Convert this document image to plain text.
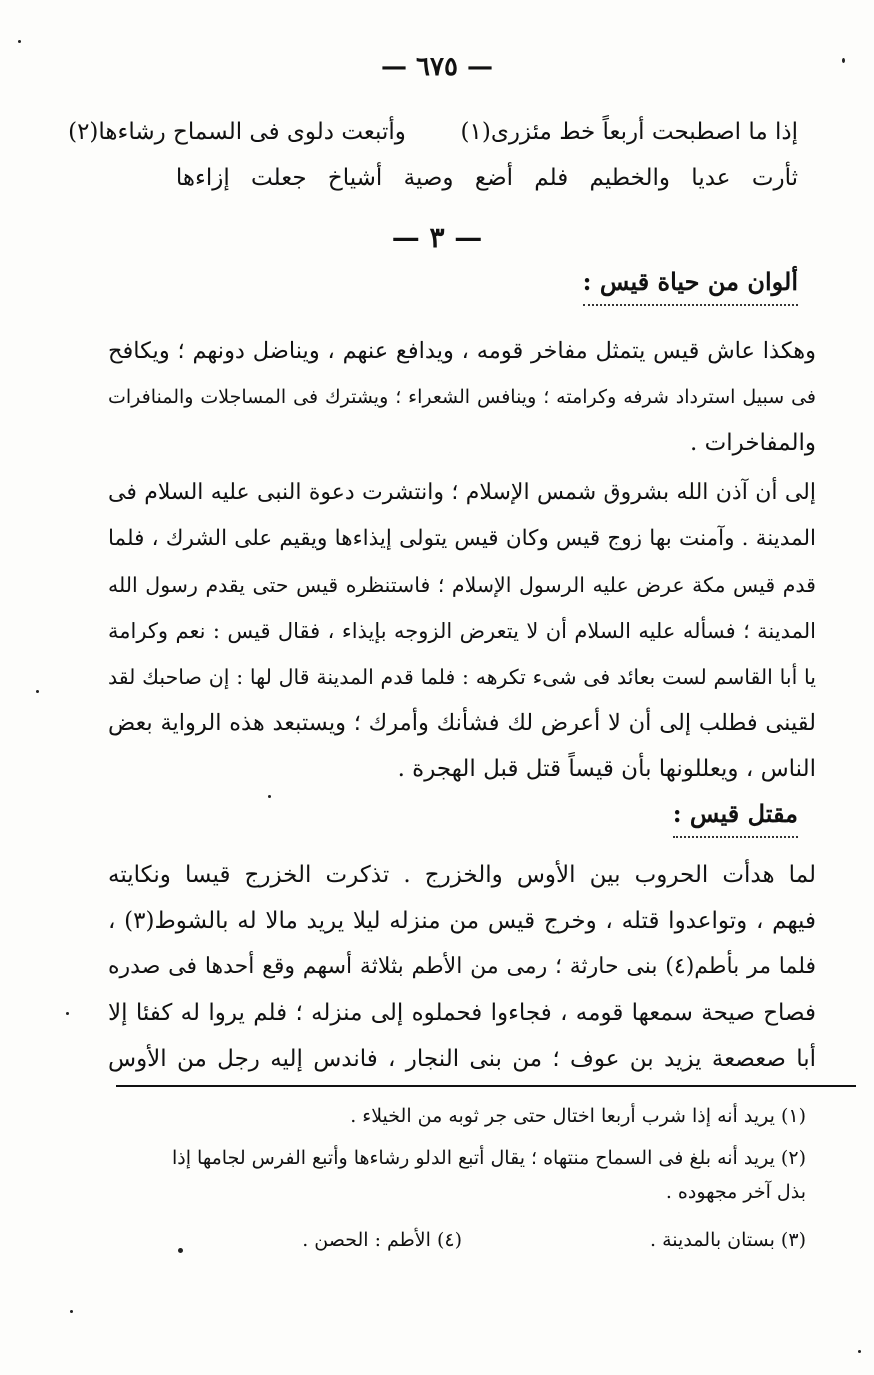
— ٦٧٥ —
إذا ما اصطبحت أربعاً خط مئزرى(١)  وأتبعت دلوى فى السماح رشاءها(٢)
ثأرت عديا والخطيم فلم أضع وصية أشياخ جعلت إزاءها
— ٣ —
ألوان من حياة قيس :
وهكذا عاش قيس يتمثل مفاخر قومه ، ويدافع عنهم ، ويناضل دونهم ؛ ويكافح
فى سبيل استرداد شرفه وكرامته ؛ وينافس الشعراء ؛ ويشترك فى المساجلات والمنافرات
والمفاخرات .
إلى أن آذن الله بشروق شمس الإسلام ؛ وانتشرت دعوة النبى عليه السلام فى
المدينة . وآمنت بها زوج قيس وكان قيس يتولى إيذاءها ويقيم على الشرك ، فلما
قدم قيس مكة عرض عليه الرسول الإسلام ؛ فاستنظره قيس حتى يقدم رسول الله
المدينة ؛ فسأله عليه السلام أن لا يتعرض الزوجه بإيذاء ، فقال قيس : نعم وكرامة
يا أبا القاسم لست بعائد فى شىء تكرهه : فلما قدم المدينة قال لها : إن صاحبك لقد
لقينى فطلب إلى أن لا أعرض لك فشأنك وأمرك ؛ ويستبعد هذه الرواية بعض
الناس ، ويعللونها بأن قيساً قتل قبل الهجرة .
مقتل قيس :
لما هدأت الحروب بين الأوس والخزرج . تذكرت الخزرج قيسا ونكايته
فيهم ، وتواعدوا قتله ، وخرج قيس من منزله ليلا يريد مالا له بالشوط(٣) ،
فلما مر بأطم(٤) بنى حارثة ؛ رمى من الأطم بثلاثة أسهم وقع أحدها فى صدره
فصاح صيحة سمعها قومه ، فجاءوا فحملوه إلى منزله ؛ فلم يروا له كفئا إلا
أبا صعصعة يزيد بن عوف ؛ من بنى النجار ، فاندس إليه رجل من الأوس
(١) يريد أنه إذا شرب أربعا اختال حتى جر ثوبه من الخيلاء .
(٢) يريد أنه بلغ فى السماح منتهاه ؛ يقال أتبع الدلو رشاءها وأتبع الفرس لجامها إذا
بذل آخر مجهوده .
(٣) بستان بالمدينة .
(٤) الأطم : الحصن .
